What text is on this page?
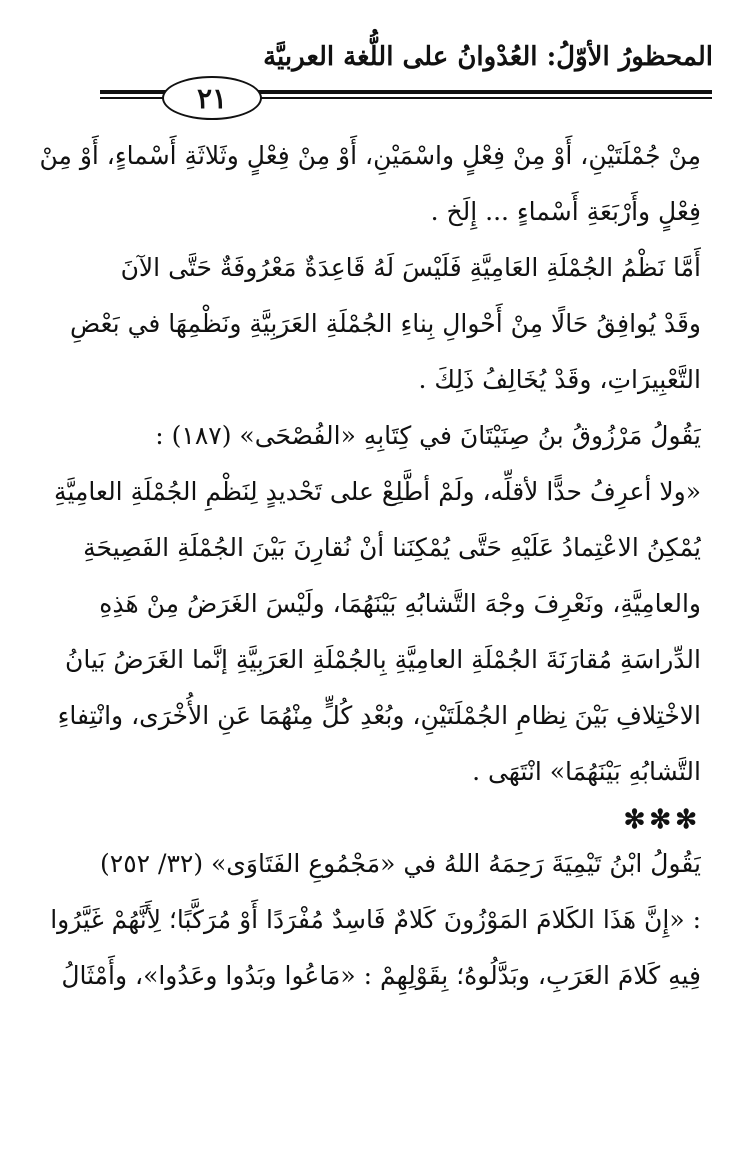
المحظورُ الأوّلُ: العُدْوانُ على اللُّغة العربيَّة
٢١
مِنْ جُمْلَتَيْنِ، أَوْ مِنْ فِعْلٍ واسْمَيْنِ، أَوْ مِنْ فِعْلٍ وثَلاثَةِ أَسْماءٍ، أَوْ مِنْ
فِعْلٍ وأَرْبَعَةِ أَسْماءٍ ... إِلَخ .
أَمَّا نَظْمُ الجُمْلَةِ العَامِيَّةِ فَلَيْسَ لَهُ قَاعِدَةٌ مَعْرُوفَةٌ حَتَّى الآنَ
وقَدْ يُوافِقُ حَالًا مِنْ أَحْوالِ بِناءِ الجُمْلَةِ العَرَبِيَّةِ ونَظْمِهَا في بَعْضِ
التَّعْبِيرَاتِ، وقَدْ يُخَالِفُ ذَلِكَ .
يَقُولُ مَرْزُوقُ بنُ صِنَيْتَانَ في كِتَابِهِ «الفُصْحَى» (١٨٧) :
«ولا أعرِفُ حدًّا لأقلِّه، ولَمْ أطَّلِعْ على تَحْديدٍ لِنَظْمِ الجُمْلَةِ العامِيَّةِ
يُمْكِنُ الاعْتِمادُ عَلَيْهِ حَتَّى يُمْكِنَنا أنْ نُقارِنَ بَيْنَ الجُمْلَةِ الفَصِيحَةِ
والعامِيَّةِ، ونَعْرِفَ وجْهَ التَّشابُهِ بَيْنَهُمَا، ولَيْسَ الغَرَضُ مِنْ هَذِهِ
الدِّراسَةِ مُقارَنَةَ الجُمْلَةِ العامِيَّةِ بِالجُمْلَةِ العَرَبِيَّةِ إنَّما الغَرَضُ بَيانُ
الاخْتِلافِ بَيْنَ نِظامِ الجُمْلَتَيْنِ، وبُعْدِ كُلٍّ مِنْهُمَا عَنِ الأُخْرَى، وانْتِفاءِ
التَّشابُهِ بَيْنَهُمَا» انْتَهَى .
✻✻✻
يَقُولُ ابْنُ تَيْمِيَةَ رَحِمَهُ اللهُ في «مَجْمُوعِ الفَتَاوَى» (٣٢/ ٢٥٢)
: «إِنَّ هَذَا الكَلامَ المَوْزُونَ كَلامٌ فَاسِدٌ مُفْرَدًا أَوْ مُرَكَّبًا؛ لِأَنَّهُمْ غَيَّرُوا
فِيهِ كَلامَ العَرَبِ، وبَدَّلُوهُ؛ بِقَوْلِهِمْ : «مَاعُوا وبَدُوا وعَدُوا»، وأَمْثَالُ
